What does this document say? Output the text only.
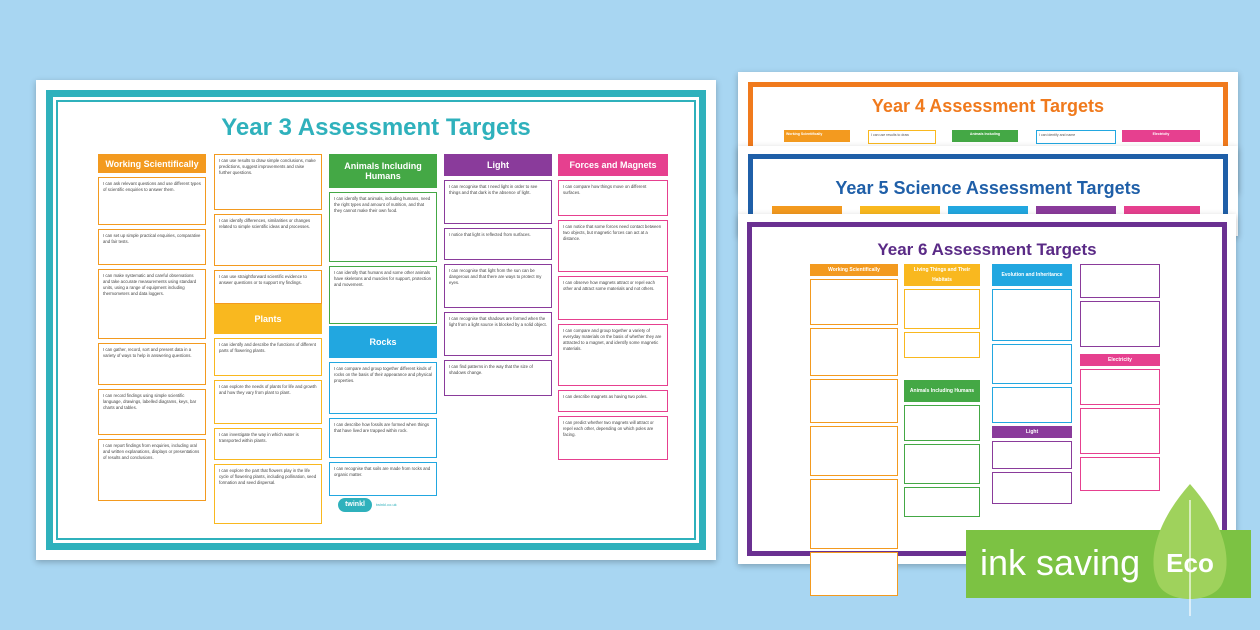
Year 3 Assessment Targets
Working Scientifically
I can ask relevant questions and use different types of scientific enquiries to answer them.
I can set up simple practical enquiries, comparative and fair tests.
I can make systematic and careful observations and take accurate measurements using standard units, using a range of equipment including thermometers and data loggers.
I can gather, record, sort and present data in a variety of ways to help in answering questions.
I can record findings using simple scientific language, drawings, labelled diagrams, keys, bar charts and tables.
I can report findings from enquiries, including oral and written explanations, displays or presentations of results and conclusions.
I can use results to draw simple conclusions, make predictions, suggest improvements and raise further questions.
I can identify differences, similarities or changes related to simple scientific ideas and processes.
I can use straightforward scientific evidence to answer questions or to support my findings.
Plants
I can identify and describe the functions of different parts of flowering plants.
I can explore the needs of plants for life and growth and how they vary from plant to plant.
I can investigate the way in which water is transported within plants.
I can explore the part that flowers play in the life cycle of flowering plants, including pollination, seed formation and seed dispersal.
Animals Including Humans
I can identify that animals, including humans, need the right types and amount of nutrition, and that they cannot make their own food.
I can identify that humans and some other animals have skeletons and muscles for support, protection and movement.
Rocks
I can compare and group together different kinds of rocks on the basis of their appearance and physical properties.
I can describe how fossils are formed when things that have lived are trapped within rock.
I can recognise that soils are made from rocks and organic matter.
Light
I can recognise that I need light in order to see things and that dark is the absence of light.
I notice that light is reflected from surfaces.
I can recognise that light from the sun can be dangerous and that there are ways to protect my eyes.
I can recognise that shadows are formed when the light from a light source is blocked by a solid object.
I can find patterns in the way that the size of shadows change.
Forces and Magnets
I can compare how things move on different surfaces.
I can notice that some forces need contact between two objects, but magnetic forces can act at a distance.
I can observe how magnets attract or repel each other and attract some materials and not others.
I can compare and group together a variety of everyday materials on the basis of whether they are attracted to a magnet, and identify some magnetic materials.
I can describe magnets as having two poles.
I can predict whether two magnets will attract or repel each other, depending on which poles are facing.
twinkl	twinkl.co.uk
Year 4 Assessment Targets
Working Scientifically	I can use results to draw	Animals Including	I can identify and name	Electricity
Year 5 Science Assessment Targets
Year 6 Assessment Targets
Working Scientifically	Living Things and Their Habitats
Animals Including Humans
Evolution and Inheritance
Light
Electricity
ink saving Eco
